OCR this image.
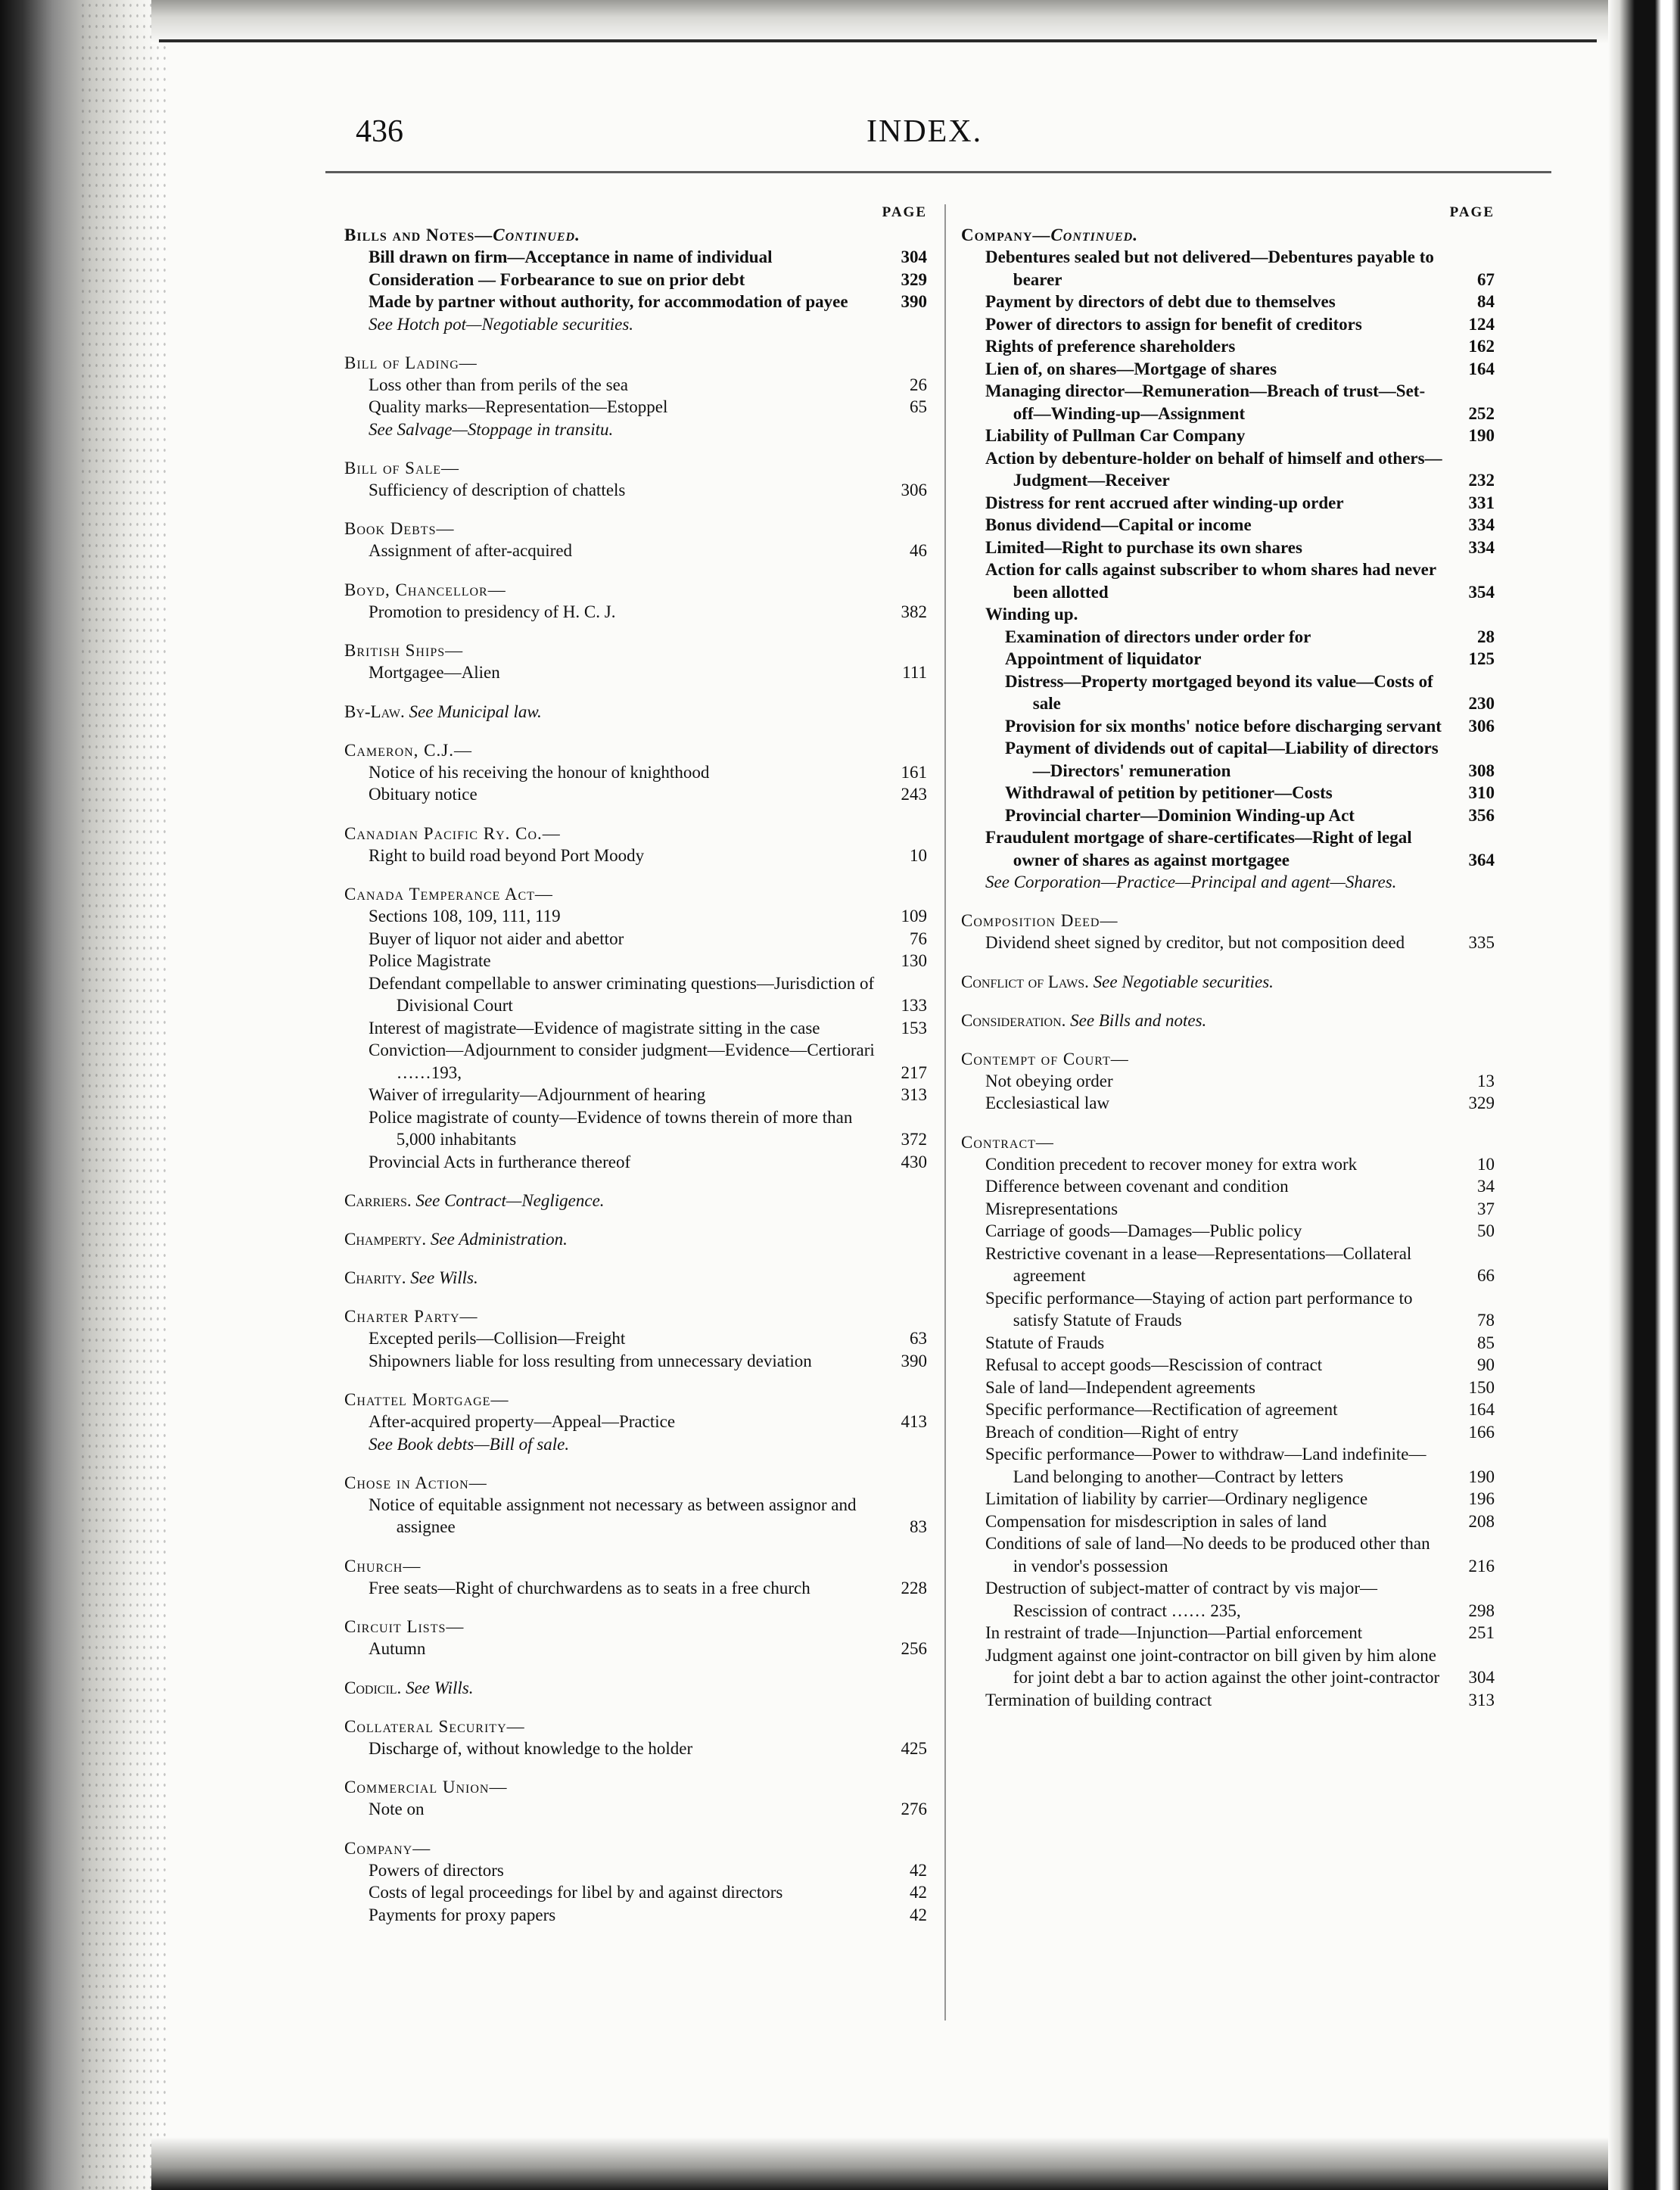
436	INDEX.
PAGE
Bills and Notes—Continued.
Bill drawn on firm—Acceptance in name of individual	304
Consideration — Forbearance to sue on prior debt	329
Made by partner without authority, for accommodation of payee	390
See Hotch pot—Negotiable securities.
Bill of Lading—
Loss other than from perils of the sea	26
Quality marks—Representation—Estoppel	65
See Salvage—Stoppage in transitu.
Bill of Sale—
Sufficiency of description of chattels	306
Book Debts—
Assignment of after-acquired	46
Boyd, Chancellor—
Promotion to presidency of H. C. J.	382
British Ships—
Mortgagee—Alien	111
By-Law. See Municipal law.
Cameron, C.J.—
Notice of his receiving the honour of knighthood	161
Obituary notice	243
Canadian Pacific Ry. Co.—
Right to build road beyond Port Moody	10
Canada Temperance Act—
Sections 108, 109, 111, 119	109
Buyer of liquor not aider and abettor	76
Police Magistrate	130
Defendant compellable to answer criminating questions—Jurisdiction of Divisional Court	133
Interest of magistrate—Evidence of magistrate sitting in the case	153
Conviction—Adjournment to consider judgment—Evidence—Certiorari ……193,	217
Waiver of irregularity—Adjournment of hearing	313
Police magistrate of county—Evidence of towns therein of more than 5,000 inhabitants	372
Provincial Acts in furtherance thereof	430
Carriers. See Contract—Negligence.
Champerty. See Administration.
Charity. See Wills.
Charter Party—
Excepted perils—Collision—Freight	63
Shipowners liable for loss resulting from unnecessary deviation	390
Chattel Mortgage—
After-acquired property—Appeal—Practice	413
See Book debts—Bill of sale.
Chose in Action—
Notice of equitable assignment not necessary as between assignor and assignee	83
Church—
Free seats—Right of churchwardens as to seats in a free church	228
Circuit Lists—
Autumn	256
Codicil. See Wills.
Collateral Security—
Discharge of, without knowledge to the holder	425
Commercial Union—
Note on	276
Company—
Powers of directors	42
Costs of legal proceedings for libel by and against directors	42
Payments for proxy papers	42
PAGE
Company—Continued.
Debentures sealed but not delivered—Debentures payable to bearer	67
Payment by directors of debt due to themselves	84
Power of directors to assign for benefit of creditors	124
Rights of preference shareholders	162
Lien of, on shares—Mortgage of shares	164
Managing director—Remuneration—Breach of trust—Set-off—Winding-up—Assignment	252
Liability of Pullman Car Company	190
Action by debenture-holder on behalf of himself and others—Judgment—Receiver	232
Distress for rent accrued after winding-up order	331
Bonus dividend—Capital or income	334
Limited—Right to purchase its own shares	334
Action for calls against subscriber to whom shares had never been allotted	354
Winding up.
Examination of directors under order for	28
Appointment of liquidator	125
Distress—Property mortgaged beyond its value—Costs of sale	230
Provision for six months' notice before discharging servant	306
Payment of dividends out of capital—Liability of directors—Directors' remuneration	308
Withdrawal of petition by petitioner—Costs	310
Provincial charter—Dominion Winding-up Act	356
Fraudulent mortgage of share-certificates—Right of legal owner of shares as against mortgagee	364
See Corporation—Practice—Principal and agent—Shares.
Composition Deed—
Dividend sheet signed by creditor, but not composition deed	335
Conflict of Laws. See Negotiable securities.
Consideration. See Bills and notes.
Contempt of Court—
Not obeying order	13
Ecclesiastical law	329
Contract—
Condition precedent to recover money for extra work	10
Difference between covenant and condition	34
Misrepresentations	37
Carriage of goods—Damages—Public policy	50
Restrictive covenant in a lease—Representations—Collateral agreement	66
Specific performance—Staying of action part performance to satisfy Statute of Frauds	78
Statute of Frauds	85
Refusal to accept goods—Rescission of contract	90
Sale of land—Independent agreements	150
Specific performance—Rectification of agreement	164
Breach of condition—Right of entry	166
Specific performance—Power to withdraw—Land indefinite—Land belonging to another—Contract by letters	190
Limitation of liability by carrier—Ordinary negligence	196
Compensation for misdescription in sales of land	208
Conditions of sale of land—No deeds to be produced other than in vendor's possession	216
Destruction of subject-matter of contract by vis major—Rescission of contract …… 235,	298
In restraint of trade—Injunction—Partial enforcement	251
Judgment against one joint-contractor on bill given by him alone for joint debt a bar to action against the other joint-contractor	304
Termination of building contract	313
